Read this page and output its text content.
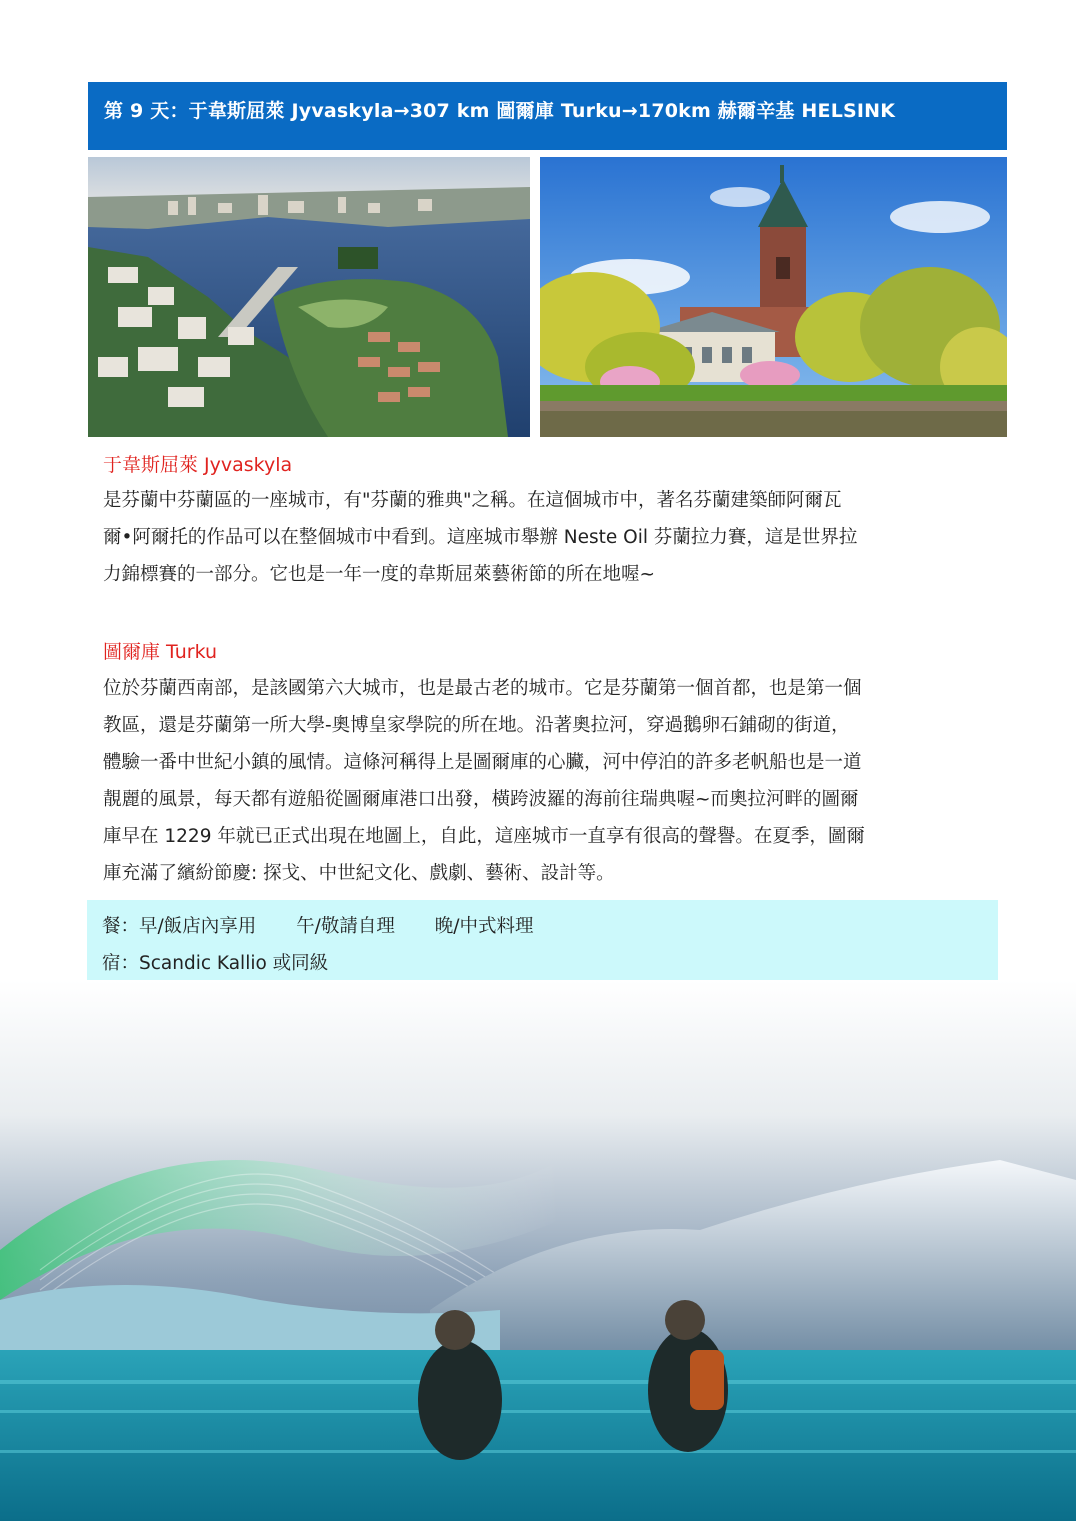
第 9 天：于韋斯屈萊 Jyvaskyla→307 km 圖爾庫 Turku→170km 赫爾辛基 HELSINK
于韋斯屈萊 Jyvaskyla

是芬蘭中芬蘭區的一座城市，有"芬蘭的雅典"之稱。在這個城市中，著名芬蘭建築師阿爾瓦
爾•阿爾托的作品可以在整個城市中看到。這座城市舉辦 Neste Oil 芬蘭拉力賽，這是世界拉
力錦標賽的一部分。它也是一年一度的韋斯屈萊藝術節的所在地喔~

圖爾庫 Turku

位於芬蘭西南部，是該國第六大城市，也是最古老的城市。它是芬蘭第一個首都，也是第一個
教區，還是芬蘭第一所大學-奧博皇家學院的所在地。沿著奧拉河，穿過鵝卵石鋪砌的街道，
體驗一番中世紀小鎮的風情。這條河稱得上是圖爾庫的心臟，河中停泊的許多老帆船也是一道
靚麗的風景，每天都有遊船從圖爾庫港口出發，橫跨波羅的海前往瑞典喔~而奧拉河畔的圖爾
庫早在 1229 年就已正式出現在地圖上，自此，這座城市一直享有很高的聲譽。在夏季，圖爾
庫充滿了繽紛節慶: 探戈、中世紀文化、戲劇、藝術、設計等。

餐：早/飯店內享用 午/敬請自理 晚/中式料理
宿：Scandic Kallio 或同級
